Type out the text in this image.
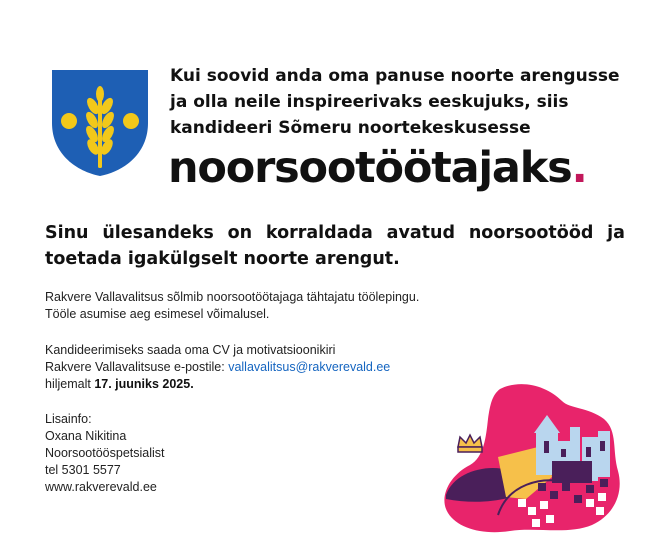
Kui soovid anda oma panuse noorte arengusse
ja olla neile inspireerivaks eeskujuks, siis
kandideeri Sõmeru noortekeskusesse
noorsootöötajaks.
Sinu ülesandeks on korraldada avatud noorsootööd ja toetada igakülgselt noorte arengut.
Rakvere Vallavalitsus sõlmib noorsootöötajaga tähtajatu töölepingu.
Tööle asumise aeg esimesel võimalusel.
Kandideerimiseks saada oma CV ja motivatsioonikiri
Rakvere Vallavalitsuse e-postile: vallavalitsus@rakverevald.ee
hiljemalt 17. juuniks 2025.
Lisainfo:
Oxana Nikitina
Noorsootööspetsialist
tel 5301 5577
www.rakverevald.ee
